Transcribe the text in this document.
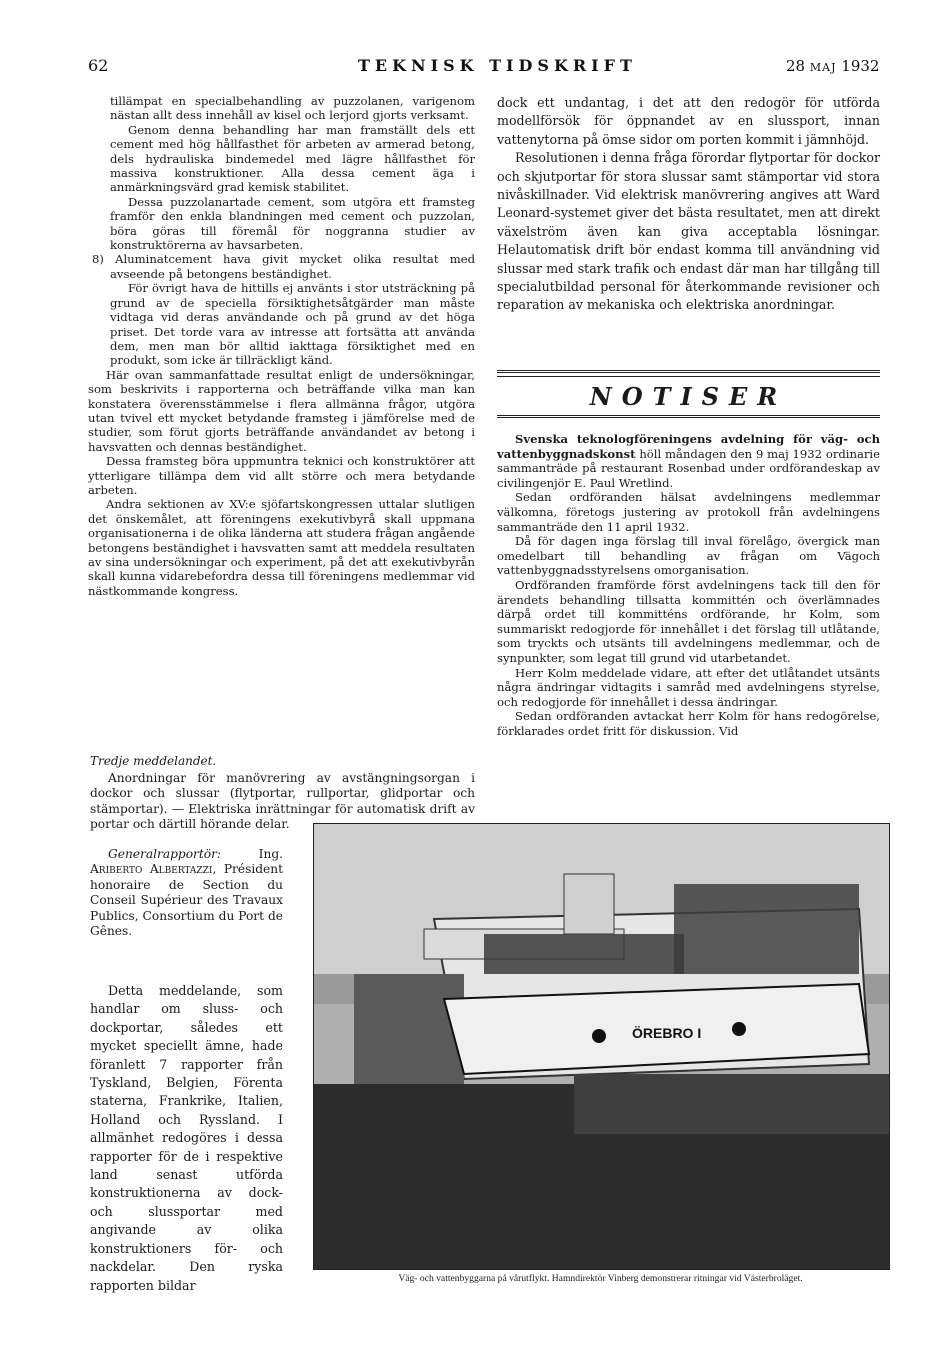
62	TEKNISK TIDSKRIFT	28 MAJ 1932

tillämpat en specialbehandling av puzzolanen, varigenom nästan allt dess innehåll av kisel och lerjord gjorts verksamt.

Genom denna behandling har man framställt dels ett cement med hög hållfasthet för arbeten av armerad betong, dels hydrauliska bindemedel med lägre hållfasthet för massiva konstruktioner. Alla dessa cement äga i anmärkningsvärd grad kemisk stabilitet.

Dessa puzzolanartade cement, som utgöra ett framsteg framför den enkla blandningen med cement och puzzolan, böra göras till föremål för noggranna studier av konstruktörerna av havsarbeten.

8) Aluminatcement hava givit mycket olika resultat med avseende på betongens beständighet.

För övrigt hava de hittills ej använts i stor utsträckning på grund av de speciella försiktighetsåtgärder man måste vidtaga vid deras användande och på grund av det höga priset. Det torde vara av intresse att fortsätta att använda dem, men man bör alltid iakttaga försiktighet med en produkt, som icke är tillräckligt känd.

Här ovan sammanfattade resultat enligt de undersökningar, som beskrivits i rapporterna och beträffande vilka man kan konstatera överensstämmelse i flera allmänna frågor, utgöra utan tvivel ett mycket betydande framsteg i jämförelse med de studier, som förut gjorts beträffande användandet av betong i havsvatten och dennas beständighet.

Dessa framsteg böra uppmuntra teknici och konstruktörer att ytterligare tillämpa dem vid allt större och mera betydande arbeten.

Andra sektionen av XV:e sjöfartskongressen uttalar slutligen det önskemålet, att föreningens exekutivbyrå skall uppmana organisationerna i de olika länderna att studera frågan angående betongens beständighet i havsvatten samt att meddela resultaten av sina undersökningar och experiment, på det att exekutivbyrån skall kunna vidarebefordra dessa till föreningens medlemmar vid nästkommande kongress.

Tredje meddelandet.

Anordningar för manövrering av avstängningsorgan i dockor och slussar (flytportar, rullportar, glidportar och stämportar). — Elektriska inrättningar för automatisk drift av portar och därtill hörande delar.

Generalrapportör:	Ing. Ariberto Albertazzi, Président honoraire de Section du Conseil Supérieur des Travaux Publics, Consortium du Port de Gênes.

Detta meddelande, som handlar om sluss- och dockportar, således ett mycket speciellt ämne, hade föranlett 7 rapporter från Tyskland, Belgien, Förenta staterna, Frankrike, Italien, Holland och Ryssland. I allmänhet redogöres i dessa rapporter för de i respektive land senast utförda konstruktionerna av dock- och slussportar med angivande av olika konstruktioners för- och nackdelar. Den ryska rapporten bildar

dock ett undantag, i det att den redogör för utförda modellförsök för öppnandet av en slussport, innan vattenytorna på ömse sidor om porten kommit i jämnhöjd.

Resolutionen i denna fråga förordar flytportar för dockor och skjutportar för stora slussar samt stämportar vid stora nivåskillnader. Vid elektrisk manövrering angives att Ward Leonard-systemet giver det bästa resultatet, men att direkt växelström även kan giva acceptabla lösningar. Helautomatisk drift bör endast komma till användning vid slussar med stark trafik och endast där man har tillgång till specialutbildad personal för återkommande revisioner och reparation av mekaniska och elektriska anordningar.

NOTISER

Svenska teknologföreningens avdelning för väg- och vattenbyggnadskonst höll måndagen den 9 maj 1932 ordinarie sammanträde på restaurant Rosenbad under ordförandeskap av civilingenjör E. Paul Wretlind.

Sedan ordföranden hälsat avdelningens medlemmar välkomna, företogs justering av protokoll från avdelningens sammanträde den 11 april 1932.

Då för dagen inga förslag till inval förelågo, övergick man omedelbart till behandling av frågan om Vägoch vattenbyggnadsstyrelsens omorganisation.

Ordföranden framförde först avdelningens tack till den för ärendets behandling tillsatta kommittén och överlämnades därpå ordet till kommitténs ordförande, hr Kolm, som summariskt redogjorde för innehållet i det förslag till utlåtande, som tryckts och utsänts till avdelningens medlemmar, och de synpunkter, som legat till grund vid utarbetandet.

Herr Kolm meddelade vidare, att efter det utlåtandet utsänts några ändringar vidtagits i samråd med avdelningens styrelse, och redogjorde för innehållet i dessa ändringar.

Sedan ordföranden avtackat herr Kolm för hans redogörelse, förklarades ordet fritt för diskussion. Vid

ÖREBRO I
Väg- och vattenbyggarna på vårutflykt. Hamndirektör Vinberg demonstrerar ritningar vid Västerbroläget.
